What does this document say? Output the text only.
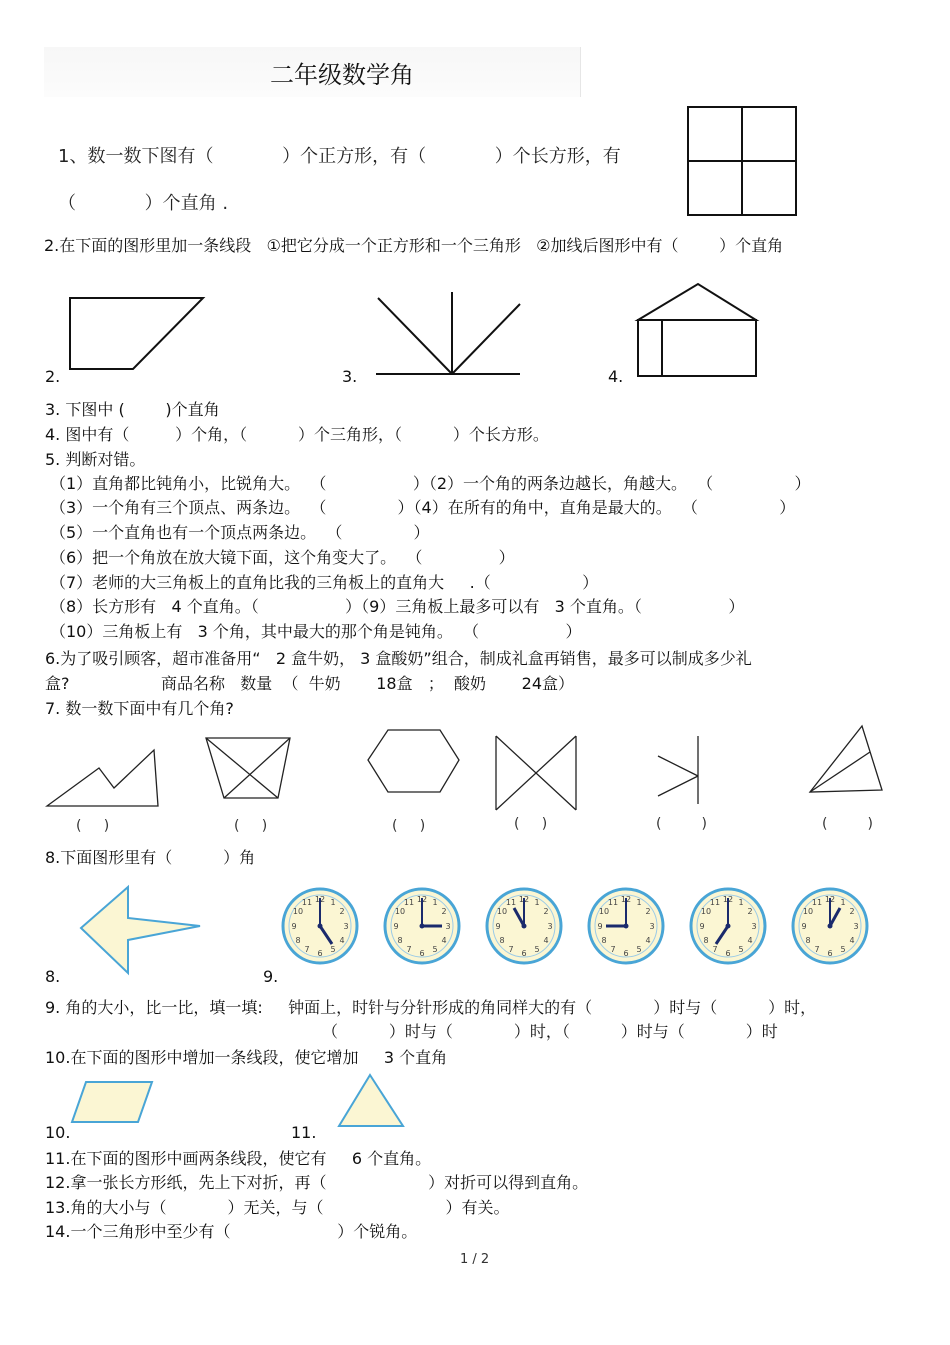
二年级数学角
1、数一数下图有（            ）个正方形，有（            ）个长方形，有
（            ）个直角 .
2.在下面的图形里加一条线段   ①把它分成一个正方形和一个三角形   ②加线后图形中有（        ）个直角
2.	3.	4.
3. 下图中 (        )个直角
4. 图中有（         ）个角，（          ）个三角形，（          ）个长方形。
5. 判断对错。
（1）直角都比钝角小，比锐角大。  （                 ）（2）一个角的两条边越长，角越大。  （                ）
（3）一个角有三个顶点、两条边。  （              ）（4）在所有的角中，直角是最大的。  （                ）
（5）一个直角也有一个顶点两条边。  （              ）
（6）把一个角放在放大镜下面，这个角变大了。  （               ）
（7）老师的大三角板上的直角比我的三角板上的直角大     .（                  ）
（8）长方形有   4 个直角。（                 ）（9）三角板上最多可以有   3 个直角。（                 ）
（10）三角板上有   3 个角，其中最大的那个角是钝角。  （                 ）
6.为了吸引顾客，超市准备用“   2 盒牛奶， 3 盒酸奶”组合，制成礼盒再销售，最多可以制成多少礼
盒?                  商品名称   数量  （  牛奶       18盒   ；  酸奶       24盒）
7. 数一数下面中有几个角?
(     )	(     )	(     )	(     )	(         )	(         )
8.下面图形里有（          ）角
8.	9.
9. 角的大小，比一比，填一填:     钟面上，时针与分针形成的角同样大的有（            ）时与（          ）时，
（          ）时与（            ）时，（          ）时与（            ）时
10.在下面的图形中增加一条线段，使它增加     3 个直角
10.	11.
11.在下面的图形中画两条线段，使它有     6 个直角。
12.拿一张长方形纸，先上下对折，再（                    ）对折可以得到直角。
13.角的大小与（            ）无关，与（                        ）有关。
14.一个三角形中至少有（                     ）个锐角。
1 / 2
